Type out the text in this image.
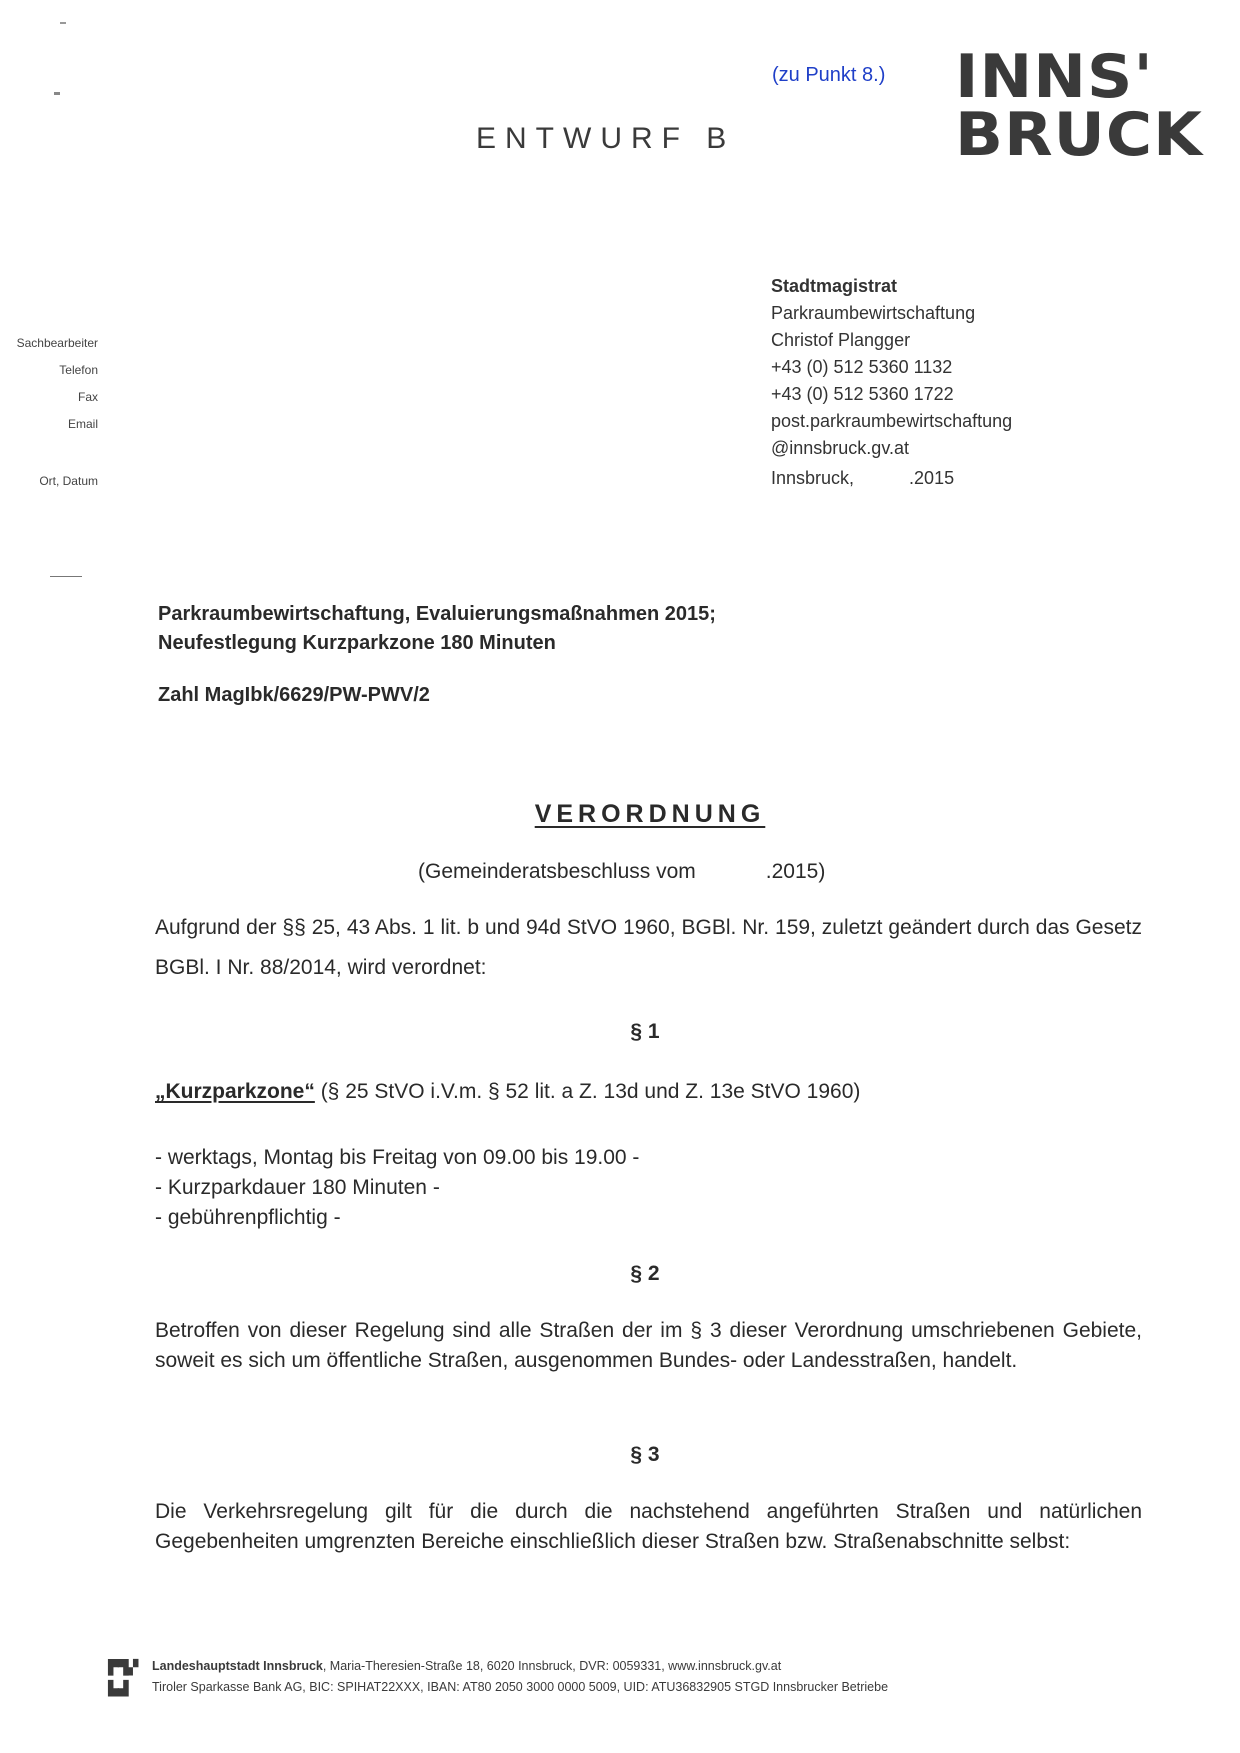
(zu Punkt 8.)
ENTWURF B
INNS'
BRUCK
Stadtmagistrat
Parkraumbewirtschaftung
Sachbearbeiter	Christof Plangger
Telefon	+43 (0) 512 5360 1132
Fax	+43 (0) 512 5360 1722
Email	post.parkraumbewirtschaftung
@innsbruck.gv.at
Ort, Datum	Innsbruck,           .2015
Parkraumbewirtschaftung, Evaluierungsmaßnahmen 2015;
Neufestlegung Kurzparkzone 180 Minuten
Zahl MagIbk/6629/PW-PWV/2
VERORDNUNG
(Gemeinderatsbeschluss vom	.2015)
Aufgrund der §§ 25, 43 Abs. 1 lit. b und 94d StVO 1960, BGBl. Nr. 159, zuletzt geändert durch das Gesetz BGBl. I Nr. 88/2014, wird verordnet:
§ 1
„Kurzparkzone“ (§ 25 StVO i.V.m. § 52 lit. a Z. 13d und Z. 13e StVO 1960)
- werktags, Montag bis Freitag von 09.00 bis 19.00 -
- Kurzparkdauer 180 Minuten -
- gebührenpflichtig -
§ 2
Betroffen von dieser Regelung sind alle Straßen der im § 3 dieser Verordnung umschriebenen Gebiete, soweit es sich um öffentliche Straßen, ausgenommen Bundes- oder Landesstraßen, handelt.
§ 3
Die Verkehrsregelung gilt für die durch die nachstehend angeführten Straßen und natürlichen Gegebenheiten umgrenzten Bereiche einschließlich dieser Straßen bzw. Straßenabschnitte selbst:
▛▜▞ Landeshauptstadt Innsbruck, Maria-Theresien-Straße 18, 6020 Innsbruck, DVR: 0059331, www.innsbruck.gv.at
▙▟ Tiroler Sparkasse Bank AG, BIC: SPIHAT22XXX, IBAN: AT80 2050 3000 0000 5009, UID: ATU36832905 STGD Innsbrucker Betriebe
